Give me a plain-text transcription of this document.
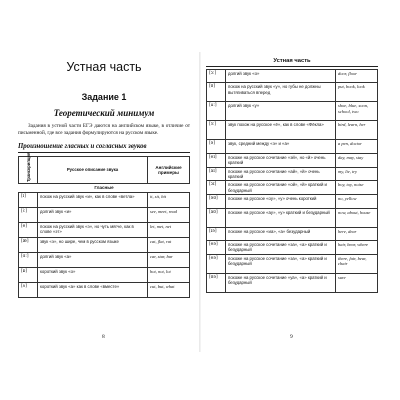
Устная часть
Задание 1
Теоретический минимум

Задания в устной части ЕГЭ даются на английском языке, в отличие от письменной, где все задания формулируются на русском языке.

Произношение гласных и согласных звуков
Транскрипция	Русское описание звука	Английские примеры
Гласные		
[ɪ]	похож на русский звук «и», как в слове «ветла»	it, sit, bit
[i:]	долгий звук «и»	see, meet, read
[e]	похож на русский звук «э», но чуть мягче, как в слове «эт»	let, met, net
[æ]	звук «э», но шире, чем в русском языке	cat, flat, rat
[ɑ:]	долгий звук «а»	car, star, bar
[ɒ]	короткий звук «о»	hot, not, lot
[ʌ]	короткий звук «а» как в слове «вместе»	cut, but, what
8
Устная часть
[ɔ:]	долгий звук «о»	door, floor
[ʊ]	похож на русский звук «у», но губы не должны вытягиваться вперед	put, book, look
[u:]	долгий звук «у»	shoe, blue, soon, school, two
[ɜ:]	звук похож на русское «ё», как в слове «Фёкла»	bird, learn, her
[ə]	звук, средний между «э» и «а»	a pen, doctor
[eɪ]	похоже на русское сочетание «эй», но «й» очень краткий	day, may, stay
[aɪ]	похоже на русское сочетание «ай», «й» очень краткий	my, lie, try
[ɔɪ]	похоже на русское сочетание «ой», «й» краткий и безударный	boy, toy, noise
[əʊ]	похоже на русское «оу», «у» очень короткий	no, yellow
[aʊ]	похоже на русское «ау», «у» краткий и безударный	now, about, house
[ɪə]	похоже на русское «иа», «а» безударный	here, dear
[eə]	похоже на русское сочетание «эа», «а» краткий и безударный	hair, bear, where
[eə]	похоже на русское сочетание «эа», «а» краткий и безударный	there, fair, bear, chair
[ʊə]	похоже на русское сочетание «уа», «а» краткий и безударный	sure
9
